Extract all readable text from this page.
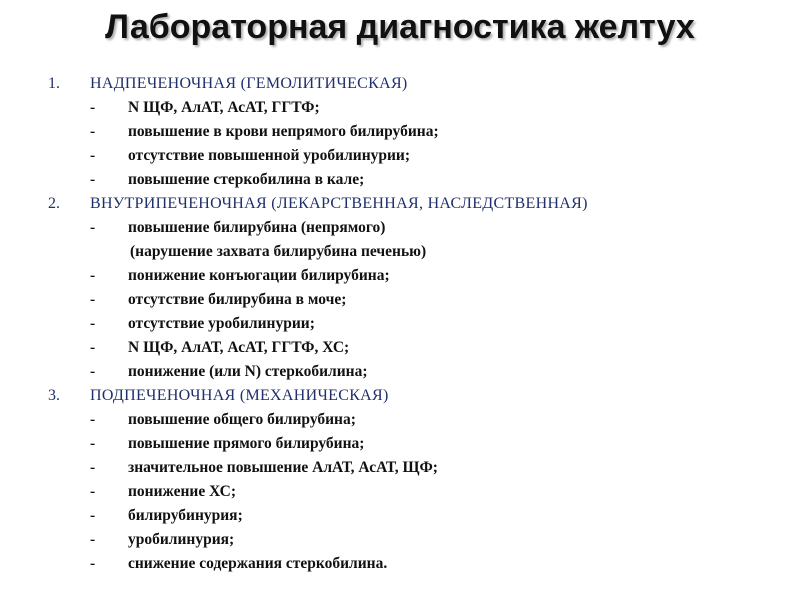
Лабораторная диагностика желтух
1. НАДПЕЧЕНОЧНАЯ (ГЕМОЛИТИЧЕСКАЯ)
- N ЩФ, АлАТ, АсАТ, ГГТФ;
- повышение в крови непрямого билирубина;
- отсутствие повышенной уробилинурии;
- повышение стеркобилина в кале;
2. ВНУТРИПЕЧЕНОЧНАЯ (ЛЕКАРСТВЕННАЯ, НАСЛЕДСТВЕННАЯ)
- повышение билирубина (непрямого)
(нарушение захвата билирубина печенью)
- понижение конъюгации билирубина;
- отсутствие билирубина в моче;
- отсутствие уробилинурии;
- N ЩФ, АлАТ, АсАТ, ГГТФ, ХС;
- понижение (или N) стеркобилина;
3. ПОДПЕЧЕНОЧНАЯ (МЕХАНИЧЕСКАЯ)
- повышение общего билирубина;
- повышение прямого билирубина;
- значительное повышение АлАТ, АсАТ, ЩФ;
- понижение ХС;
- билирубинурия;
- уробилинурия;
- снижение содержания стеркобилина.
